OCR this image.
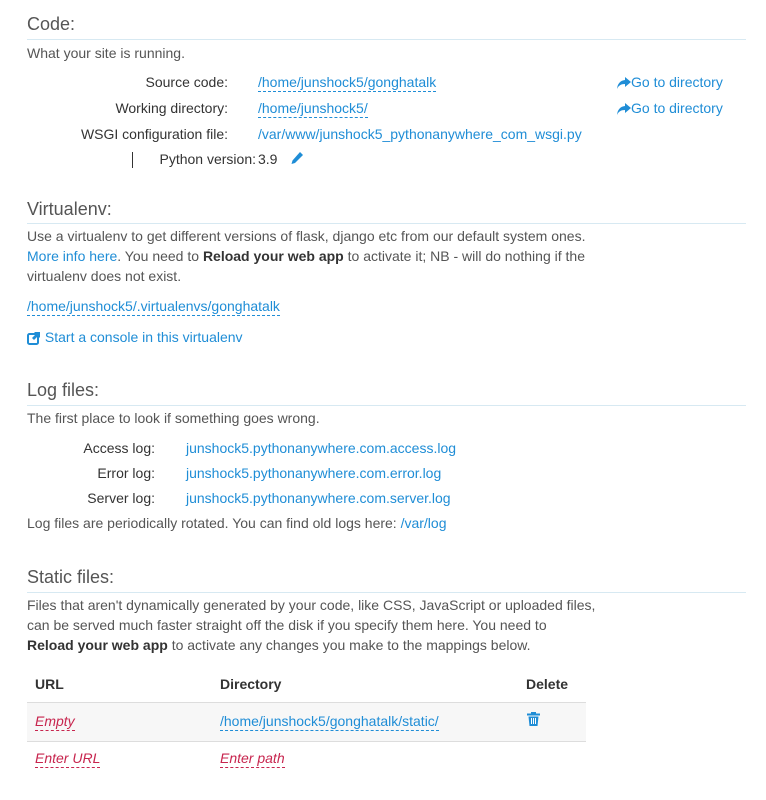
Code:
What your site is running.
Source code: /home/junshock5/gonghatalk	Go to directory
Working directory: /home/junshock5/	Go to directory
WSGI configuration file: /var/www/junshock5_pythonanywhere_com_wsgi.py
Python version: 3.9
Virtualenv:
Use a virtualenv to get different versions of flask, django etc from our default system ones. More info here. You need to Reload your web app to activate it; NB - will do nothing if the virtualenv does not exist.
/home/junshock5/.virtualenvs/gonghatalk
Start a console in this virtualenv
Log files:
The first place to look if something goes wrong.
Access log: junshock5.pythonanywhere.com.access.log
Error log: junshock5.pythonanywhere.com.error.log
Server log: junshock5.pythonanywhere.com.server.log
Log files are periodically rotated. You can find old logs here: /var/log
Static files:
Files that aren't dynamically generated by your code, like CSS, JavaScript or uploaded files, can be served much faster straight off the disk if you specify them here. You need to Reload your web app to activate any changes you make to the mappings below.
URL	Directory	Delete
Empty	/home/junshock5/gonghatalk/static/
Enter URL	Enter path
